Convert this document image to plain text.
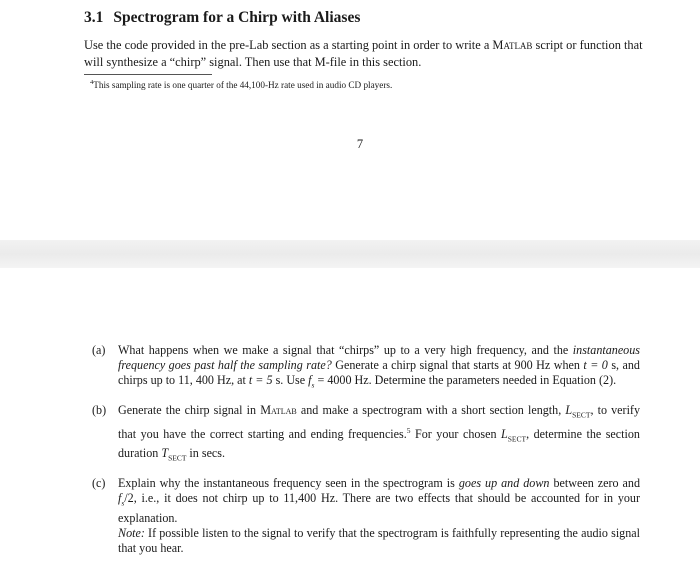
3.1 Spectrogram for a Chirp with Aliases

Use the code provided in the pre-Lab section as a starting point in order to write a Matlab script or function that will synthesize a “chirp” signal. Then use that M-file in this section.

$^4$This sampling rate is one quarter of the 44,100-Hz rate used in audio CD players.

7
(a)	What happens when we make a signal that “chirps” up to a very high frequency, and the instantaneous frequency goes past half the sampling rate? Generate a chirp signal that starts at 900 Hz when t = 0 s, and chirps up to 11, 400 Hz, at t = 5 s. Use $f_s = 4000$ Hz. Determine the parameters needed in Equation (2).

(b) Generate the chirp signal in Matlab and make a spectrogram with a short section length, $L_{SECT}$, to verify that you have the correct starting and ending frequencies.$^5$ For your chosen $L_{SECT}$, determine the section duration $T_{SECT}$ in secs.

(c)	Explain why the instantaneous frequency seen in the spectrogram is goes up and down between zero and $f_s/2$, i.e., it does not chirp up to 11,400 Hz. There are two effects that should be accounted for in your explanation.

Note: If possible listen to the signal to verify that the spectrogram is faithfully representing the audio signal that you hear.
